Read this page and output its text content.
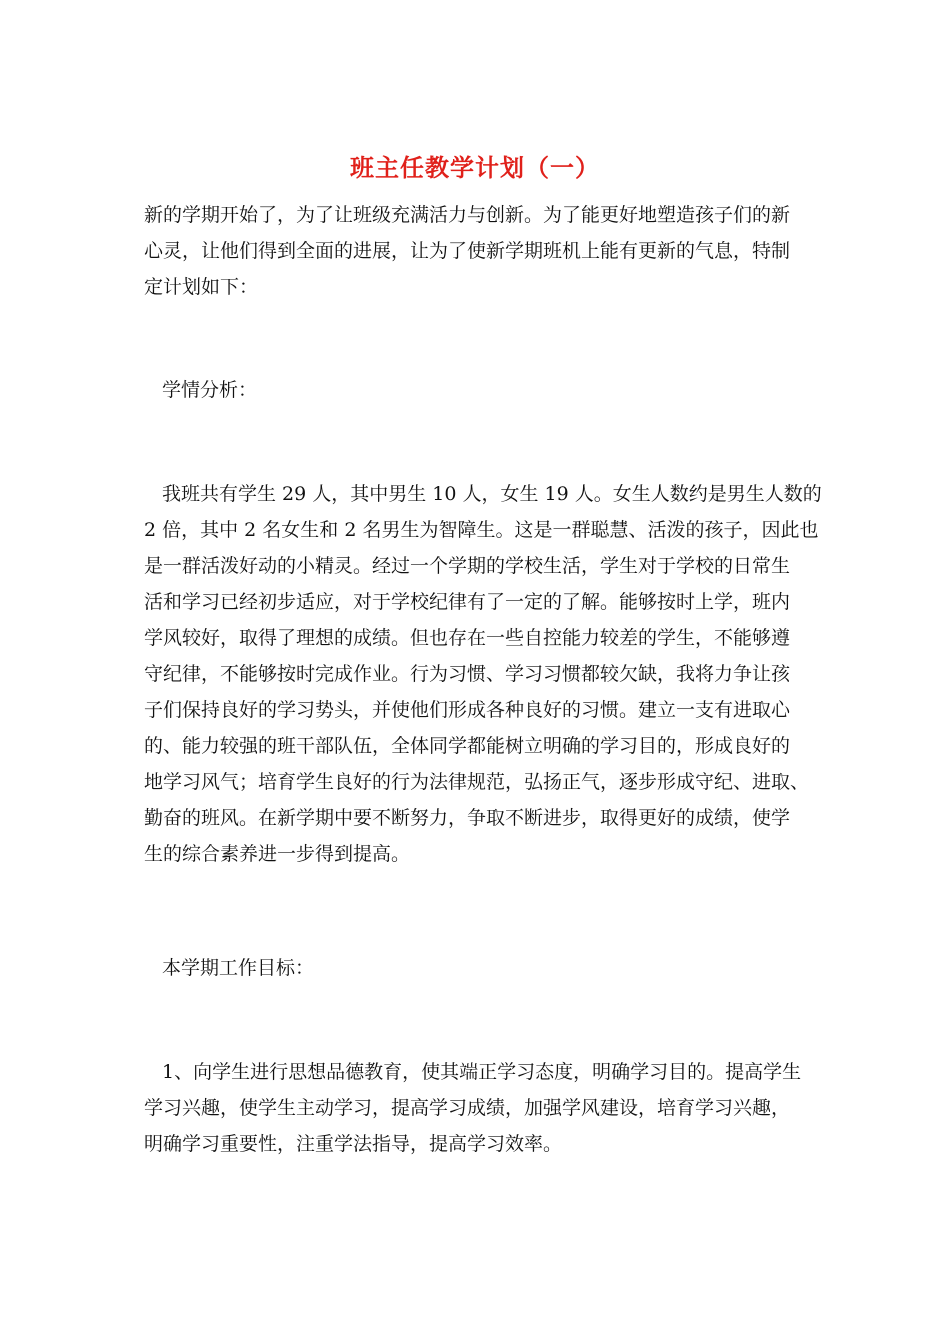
班主任教学计划（一）
新的学期开始了，为了让班级充满活力与创新。为了能更好地塑造孩子们的新
心灵，让他们得到全面的进展，让为了使新学期班机上能有更新的气息，特制
定计划如下：
学情分析：
我班共有学生 29 人，其中男生 10 人，女生 19 人。女生人数约是男生人数的
2 倍，其中 2 名女生和 2 名男生为智障生。这是一群聪慧、活泼的孩子，因此也
是一群活泼好动的小精灵。经过一个学期的学校生活，学生对于学校的日常生
活和学习已经初步适应，对于学校纪律有了一定的了解。能够按时上学，班内
学风较好，取得了理想的成绩。但也存在一些自控能力较差的学生，不能够遵
守纪律，不能够按时完成作业。行为习惯、学习习惯都较欠缺，我将力争让孩
子们保持良好的学习势头，并使他们形成各种良好的习惯。建立一支有进取心
的、能力较强的班干部队伍，全体同学都能树立明确的学习目的，形成良好的
地学习风气；培育学生良好的行为法律规范，弘扬正气，逐步形成守纪、进取、
勤奋的班风。在新学期中要不断努力，争取不断进步，取得更好的成绩，使学
生的综合素养进一步得到提高。
本学期工作目标：
1、向学生进行思想品德教育，使其端正学习态度，明确学习目的。提高学生
学习兴趣，使学生主动学习，提高学习成绩，加强学风建设，培育学习兴趣，
明确学习重要性，注重学法指导，提高学习效率。
